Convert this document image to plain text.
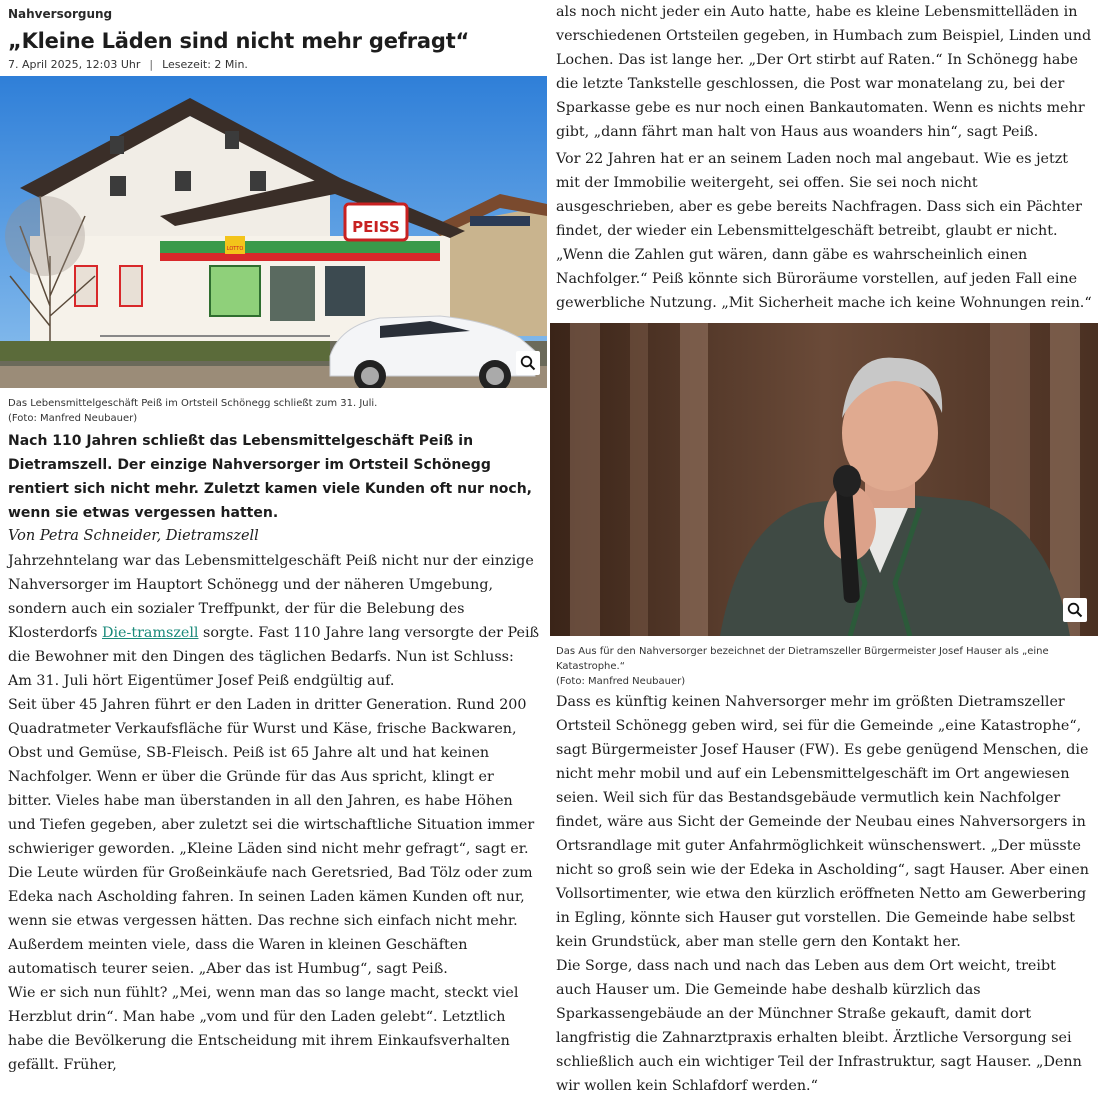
Nahversorgung
„Kleine Läden sind nicht mehr gefragt“
7. April 2025, 12:03 Uhr | Lesezeit: 2 Min.
PEISS
LOTTO
Das Lebensmittelgeschäft Peiß im Ortsteil Schönegg schließt zum 31. Juli.
(Foto: Manfred Neubauer)
Nach 110 Jahren schließt das Lebensmittelgeschäft Peiß in Dietramszell. Der einzige Nahversorger im Ortsteil Schönegg rentiert sich nicht mehr. Zuletzt kamen viele Kunden oft nur noch, wenn sie etwas vergessen hatten.
Von Petra Schneider, Dietramszell
Jahrzehntelang war das Lebensmittelgeschäft Peiß nicht nur der einzige Nahversorger im Hauptort Schönegg und der näheren Umgebung, sondern auch ein sozialer Treffpunkt, der für die Belebung des Klosterdorfs Die-tramszell sorgte. Fast 110 Jahre lang versorgte der Peiß die Bewohner mit den Dingen des täglichen Bedarfs. Nun ist Schluss: Am 31. Juli hört Eigentümer Josef Peiß endgültig auf.
Seit über 45 Jahren führt er den Laden in dritter Generation. Rund 200 Quadratmeter Verkaufsfläche für Wurst und Käse, frische Backwaren, Obst und Gemüse, SB-Fleisch. Peiß ist 65 Jahre alt und hat keinen Nachfolger. Wenn er über die Gründe für das Aus spricht, klingt er bitter. Vieles habe man überstanden in all den Jahren, es habe Höhen und Tiefen gegeben, aber zuletzt sei die wirtschaftliche Situation immer schwieriger geworden. „Kleine Läden sind nicht mehr gefragt“, sagt er. Die Leute würden für Großeinkäufe nach Geretsried, Bad Tölz oder zum Edeka nach Ascholding fahren. In seinen Laden kämen Kunden oft nur, wenn sie etwas vergessen hätten. Das rechne sich einfach nicht mehr. Außerdem meinten viele, dass die Waren in kleinen Geschäften automatisch teurer seien. „Aber das ist Humbug“, sagt Peiß.
Wie er sich nun fühlt? „Mei, wenn man das so lange macht, steckt viel Herzblut drin“. Man habe „vom und für den Laden gelebt“. Letztlich habe die Bevölkerung die Entscheidung mit ihrem Einkaufsverhalten gefällt. Früher,
als noch nicht jeder ein Auto hatte, habe es kleine Lebensmittelläden in verschiedenen Ortsteilen gegeben, in Humbach zum Beispiel, Linden und Lochen. Das ist lange her. „Der Ort stirbt auf Raten.“ In Schönegg habe die letzte Tankstelle geschlossen, die Post war monatelang zu, bei der Sparkasse gebe es nur noch einen Bankautomaten. Wenn es nichts mehr gibt, „dann fährt man halt von Haus aus woanders hin“, sagt Peiß.
Vor 22 Jahren hat er an seinem Laden noch mal angebaut. Wie es jetzt mit der Immobilie weitergeht, sei offen. Sie sei noch nicht ausgeschrieben, aber es gebe bereits Nachfragen. Dass sich ein Pächter findet, der wieder ein Lebensmittelgeschäft betreibt, glaubt er nicht. „Wenn die Zahlen gut wären, dann gäbe es wahrscheinlich einen Nachfolger.“ Peiß könnte sich Büroräume vorstellen, auf jeden Fall eine gewerbliche Nutzung. „Mit Sicherheit mache ich keine Wohnungen rein.“
Das Aus für den Nahversorger bezeichnet der Dietramszeller Bürgermeister Josef Hauser als „eine Katastrophe.“
(Foto: Manfred Neubauer)
Dass es künftig keinen Nahversorger mehr im größten Dietramszeller Ortsteil Schönegg geben wird, sei für die Gemeinde „eine Katastrophe“, sagt Bürgermeister Josef Hauser (FW). Es gebe genügend Menschen, die nicht mehr mobil und auf ein Lebensmittelgeschäft im Ort angewiesen seien. Weil sich für das Bestandsgebäude vermutlich kein Nachfolger findet, wäre aus Sicht der Gemeinde der Neubau eines Nahversorgers in Ortsrandlage mit guter Anfahrmöglichkeit wünschenswert. „Der müsste nicht so groß sein wie der Edeka in Ascholding“, sagt Hauser. Aber einen Vollsortimenter, wie etwa den kürzlich eröffneten Netto am Gewerbering in Egling, könnte sich Hauser gut vorstellen. Die Gemeinde habe selbst kein Grundstück, aber man stelle gern den Kontakt her.
Die Sorge, dass nach und nach das Leben aus dem Ort weicht, treibt auch Hauser um. Die Gemeinde habe deshalb kürzlich das Sparkassengebäude an der Münchner Straße gekauft, damit dort langfristig die Zahnarztpraxis erhalten bleibt. Ärztliche Versorgung sei schließlich auch ein wichtiger Teil der Infrastruktur, sagt Hauser. „Denn wir wollen kein Schlafdorf werden.“
